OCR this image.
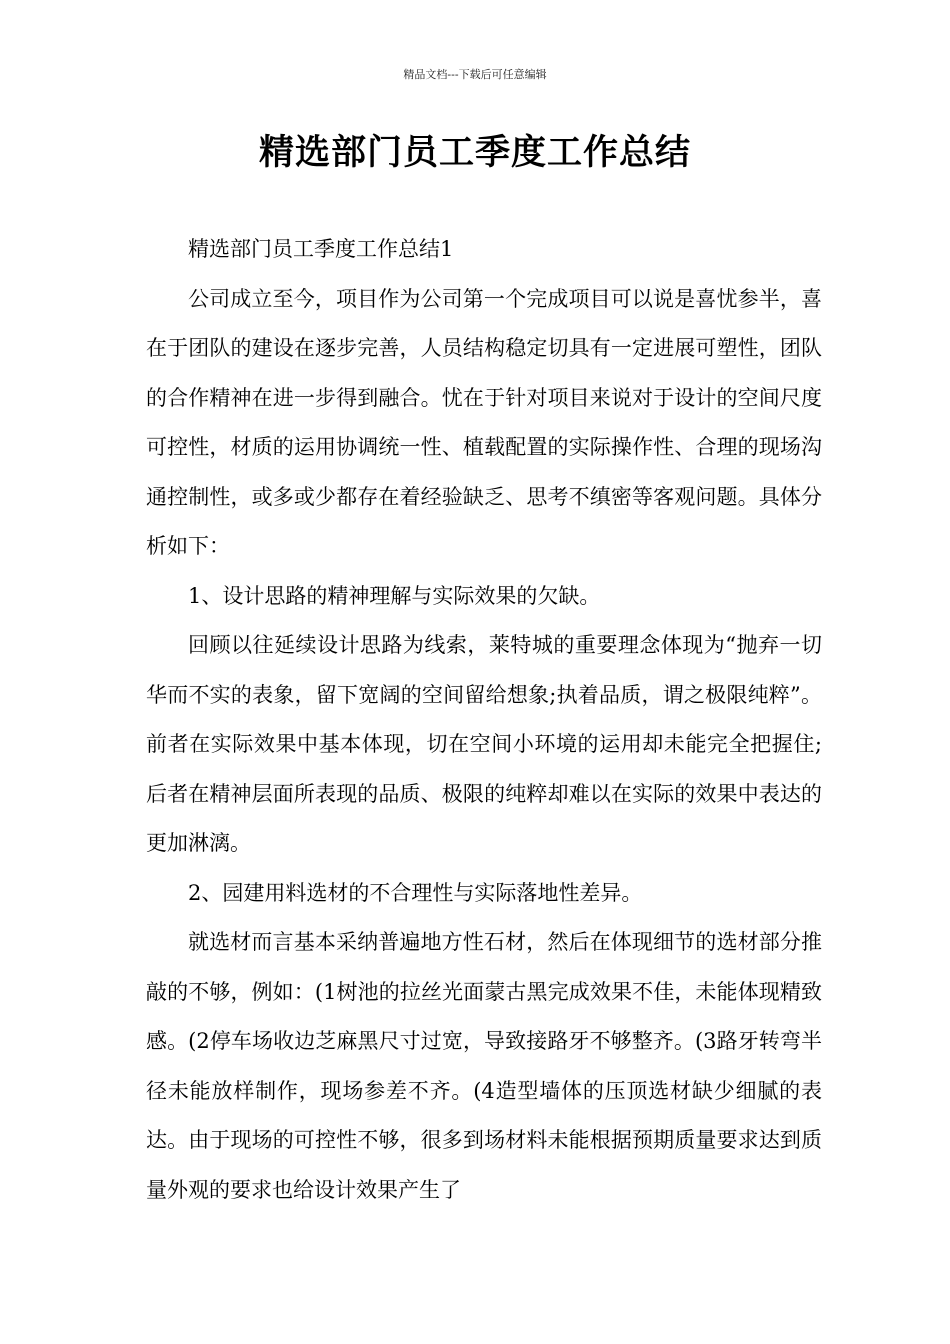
精品文档---下载后可任意编辑
精选部门员工季度工作总结

精选部门员工季度工作总结1

公司成立至今，项目作为公司第一个完成项目可以说是喜忧参半，喜在于团队的建设在逐步完善，人员结构稳定切具有一定进展可塑性，团队的合作精神在进一步得到融合。忧在于针对项目来说对于设计的空间尺度可控性，材质的运用协调统一性、植载配置的实际操作性、合理的现场沟通控制性，或多或少都存在着经验缺乏、思考不缜密等客观问题。具体分析如下：

1、设计思路的精神理解与实际效果的欠缺。

回顾以往延续设计思路为线索，莱特城的重要理念体现为“抛弃一切华而不实的表象，留下宽阔的空间留给想象;执着品质，谓之极限纯粹”。前者在实际效果中基本体现，切在空间小环境的运用却未能完全把握住;后者在精神层面所表现的品质、极限的纯粹却难以在实际的效果中表达的更加淋漓。

2、园建用料选材的不合理性与实际落地性差异。

就选材而言基本采纳普遍地方性石材，然后在体现细节的选材部分推敲的不够，例如：(1树池的拉丝光面蒙古黑完成效果不佳，未能体现精致感。(2停车场收边芝麻黑尺寸过宽，导致接路牙不够整齐。(3路牙转弯半径未能放样制作，现场参差不齐。(4造型墙体的压顶选材缺少细腻的表达。由于现场的可控性不够，很多到场材料未能根据预期质量要求达到质量外观的要求也给设计效果产生了
